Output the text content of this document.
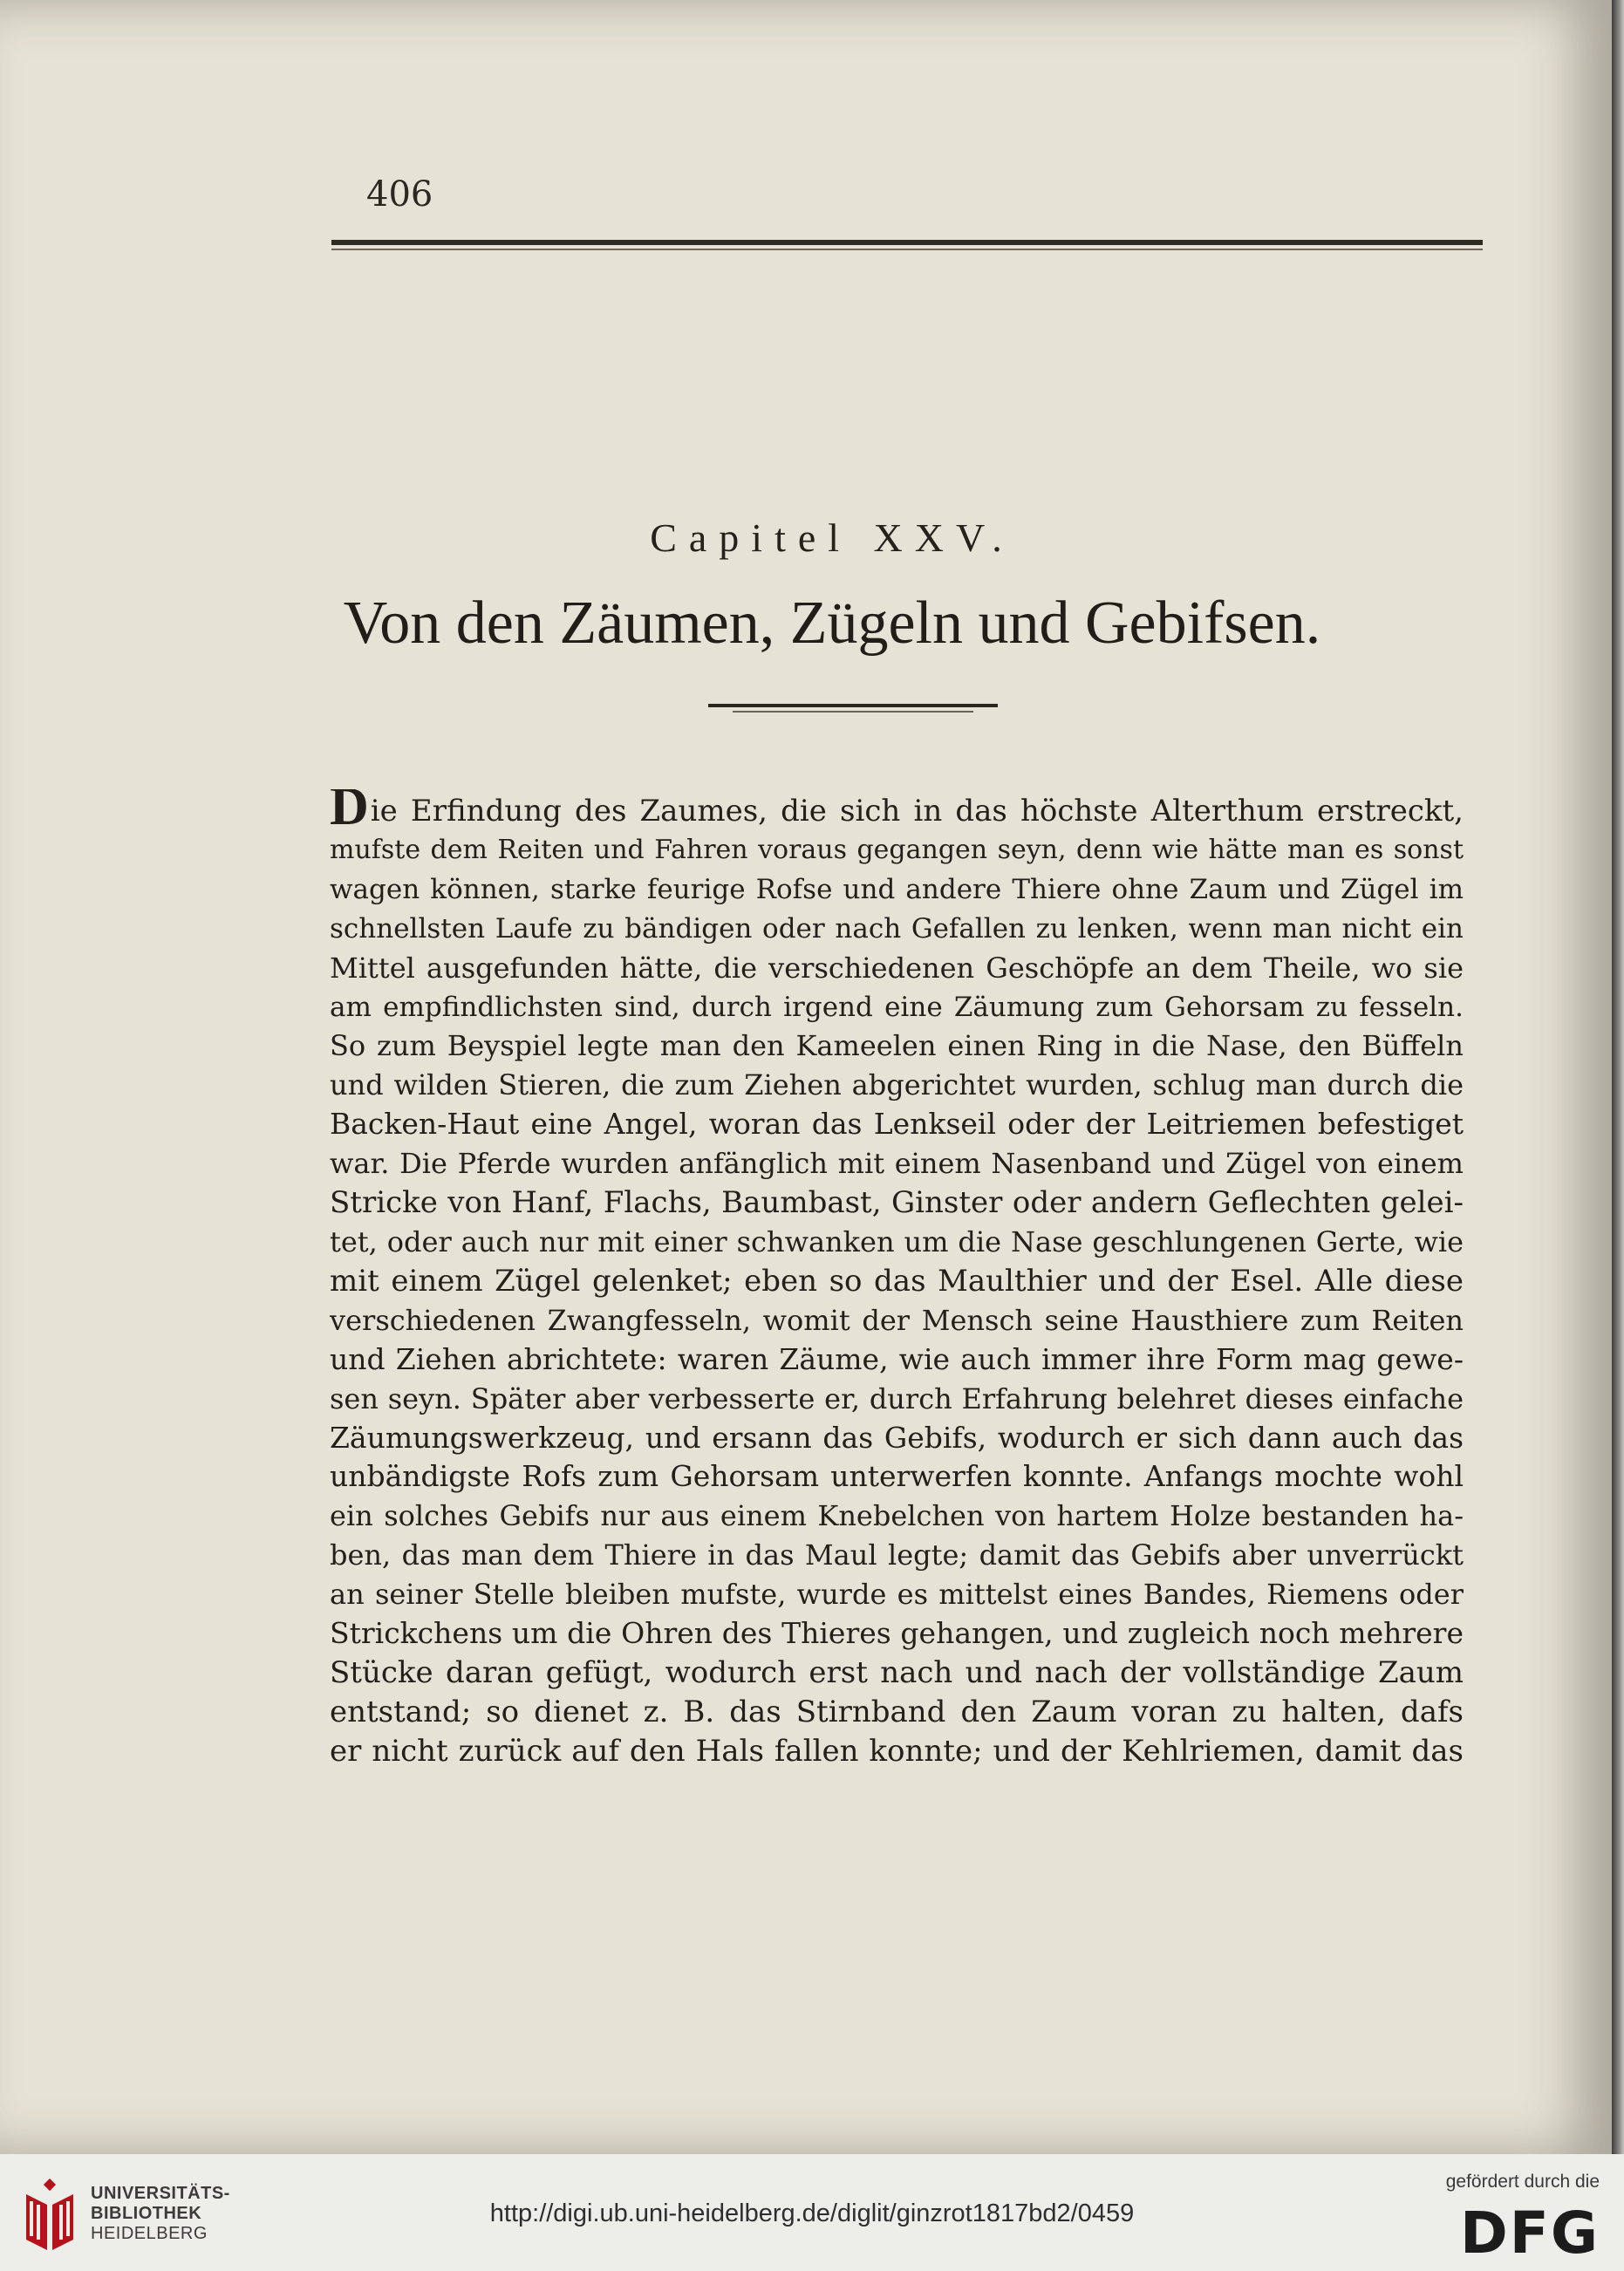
406
Capitel XXV.
Von den Zäumen, Zügeln und Gebifsen.
Die Erfindung des Zaumes, die sich in das höchste Alterthum erstreckt,
mufste dem Reiten und Fahren voraus gegangen seyn, denn wie hätte man es sonst
wagen können, starke feurige Rofse und andere Thiere ohne Zaum und Zügel im
schnellsten Laufe zu bändigen oder nach Gefallen zu lenken, wenn man nicht ein
Mittel ausgefunden hätte, die verschiedenen Geschöpfe an dem Theile, wo sie
am empfindlichsten sind, durch irgend eine Zäumung zum Gehorsam zu fesseln.
So zum Beyspiel legte man den Kameelen einen Ring in die Nase, den Büffeln
und wilden Stieren, die zum Ziehen abgerichtet wurden, schlug man durch die
Backen-Haut eine Angel, woran das Lenkseil oder der Leitriemen befestiget
war. Die Pferde wurden anfänglich mit einem Nasenband und Zügel von einem
Stricke von Hanf, Flachs, Baumbast, Ginster oder andern Geflechten gelei-
tet, oder auch nur mit einer schwanken um die Nase geschlungenen Gerte, wie
mit einem Zügel gelenket; eben so das Maulthier und der Esel. Alle diese
verschiedenen Zwangfesseln, womit der Mensch seine Hausthiere zum Reiten
und Ziehen abrichtete: waren Zäume, wie auch immer ihre Form mag gewe-
sen seyn. Später aber verbesserte er, durch Erfahrung belehret dieses einfache
Zäumungswerkzeug, und ersann das Gebifs, wodurch er sich dann auch das
unbändigste Rofs zum Gehorsam unterwerfen konnte. Anfangs mochte wohl
ein solches Gebifs nur aus einem Knebelchen von hartem Holze bestanden ha-
ben, das man dem Thiere in das Maul legte; damit das Gebifs aber unverrückt
an seiner Stelle bleiben mufste, wurde es mittelst eines Bandes, Riemens oder
Strickchens um die Ohren des Thieres gehangen, und zugleich noch mehrere
Stücke daran gefügt, wodurch erst nach und nach der vollständige Zaum
entstand; so dienet z. B. das Stirnband den Zaum voran zu halten, dafs
er nicht zurück auf den Hals fallen konnte; und der Kehlriemen, damit das
UNIVERSITÄTS-
BIBLIOTHEK
HEIDELBERG
http://digi.ub.uni-heidelberg.de/diglit/ginzrot1817bd2/0459
gefördert durch die
DFG
